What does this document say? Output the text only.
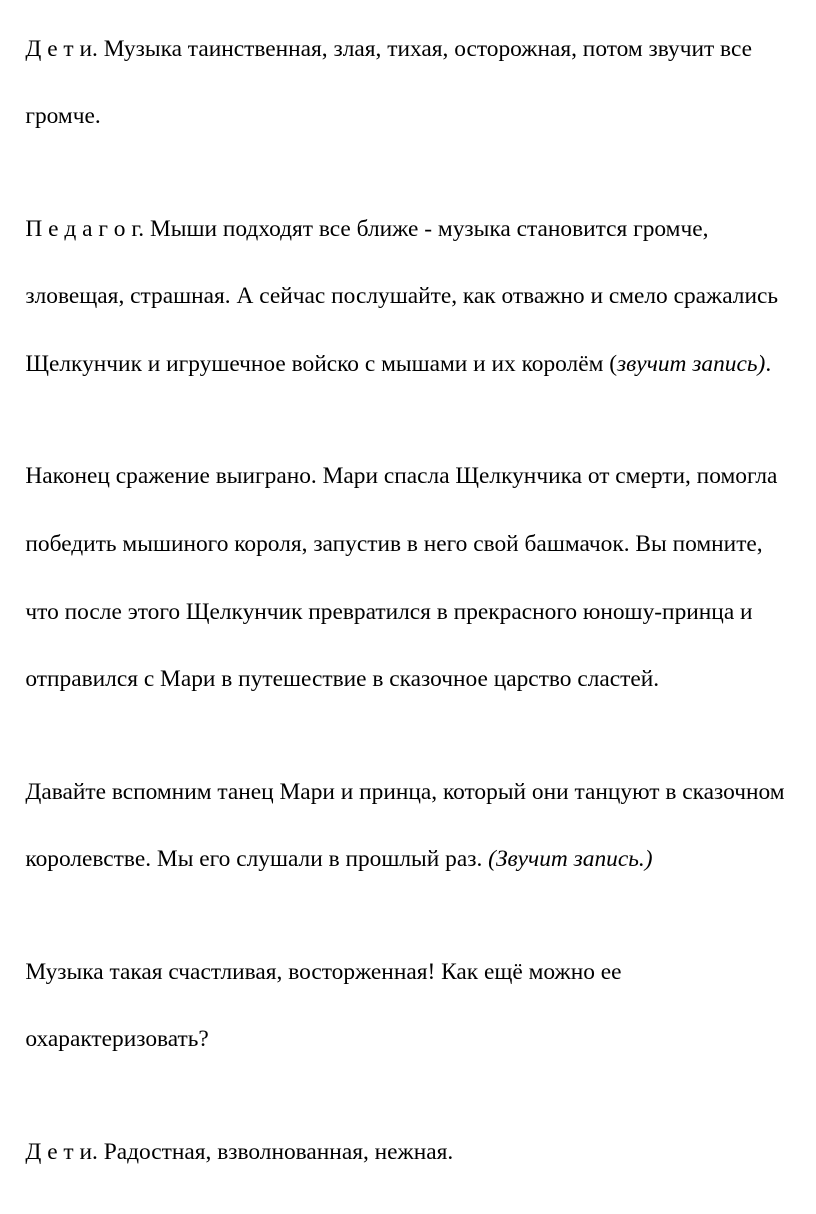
Д е т и. Музыка таинственная, злая, тихая, осторожная, потом звучит все

громче.

П е д а г о г. Мыши подходят все ближе - музыка становится громче,

зловещая, страшная. А сейчас послушайте, как отважно и смело сражались

Щелкунчик и игрушечное войско с мышами и их королём (звучит запись).

Наконец сражение выиграно. Мари спасла Щелкунчика от смерти, помогла

победить мышиного короля, запустив в него свой башмачок. Вы помните,

что после этого Щелкунчик превратился в прекрасного юношу-принца и

отправился с Мари в путешествие в сказочное царство сластей.

Давайте вспомним танец Мари и принца, который они танцуют в сказочном

королевстве. Мы его слушали в прошлый раз. (Звучит запись.)

Музыка такая счастливая, восторженная! Как ещё можно ее

охарактеризовать?

Д е т и. Радостная, взволнованная, нежная.
